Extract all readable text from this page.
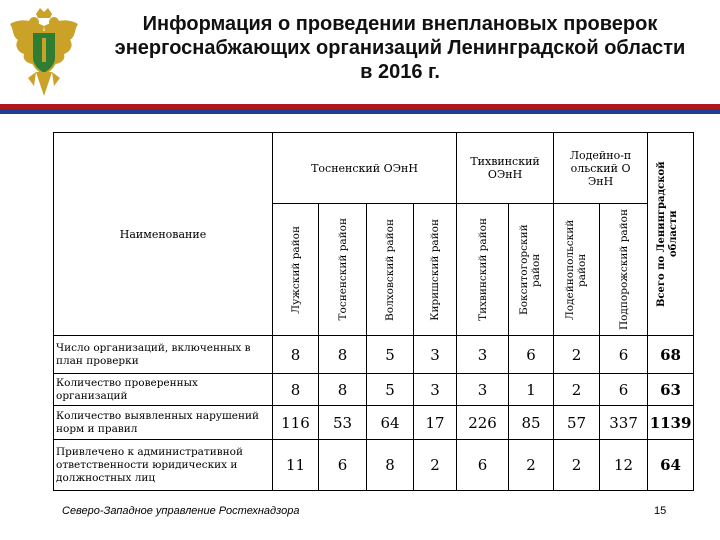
Информация о проведении внеплановых проверок
энергоснабжающих организаций Ленинградской области
в 2016 г.
Наименование	Тосненский ОЭнН				Тихвинский ОЭнН		Лодейно-польский ОЭнН		Всего по Ленинградской области

	Лужский район	Тосненский район	Волховский район	Киришский район	Тихвинский район	Бокситогорский район	Лодейнопольский район	Подпорожский район	

Число организаций, включенных в план проверки	8	8	5	3	3	6	2	6	68
Количество проверенных организаций	8	8	5	3	3	1	2	6	63
Количество выявленных нарушений норм и правил	116	53	64	17	226	85	57	337	1139
Привлечено к административной ответственности юридических и должностных лиц	11	6	8	2	6	2	2	12	64
Северо-Западное управление Ростехнадзора	15
